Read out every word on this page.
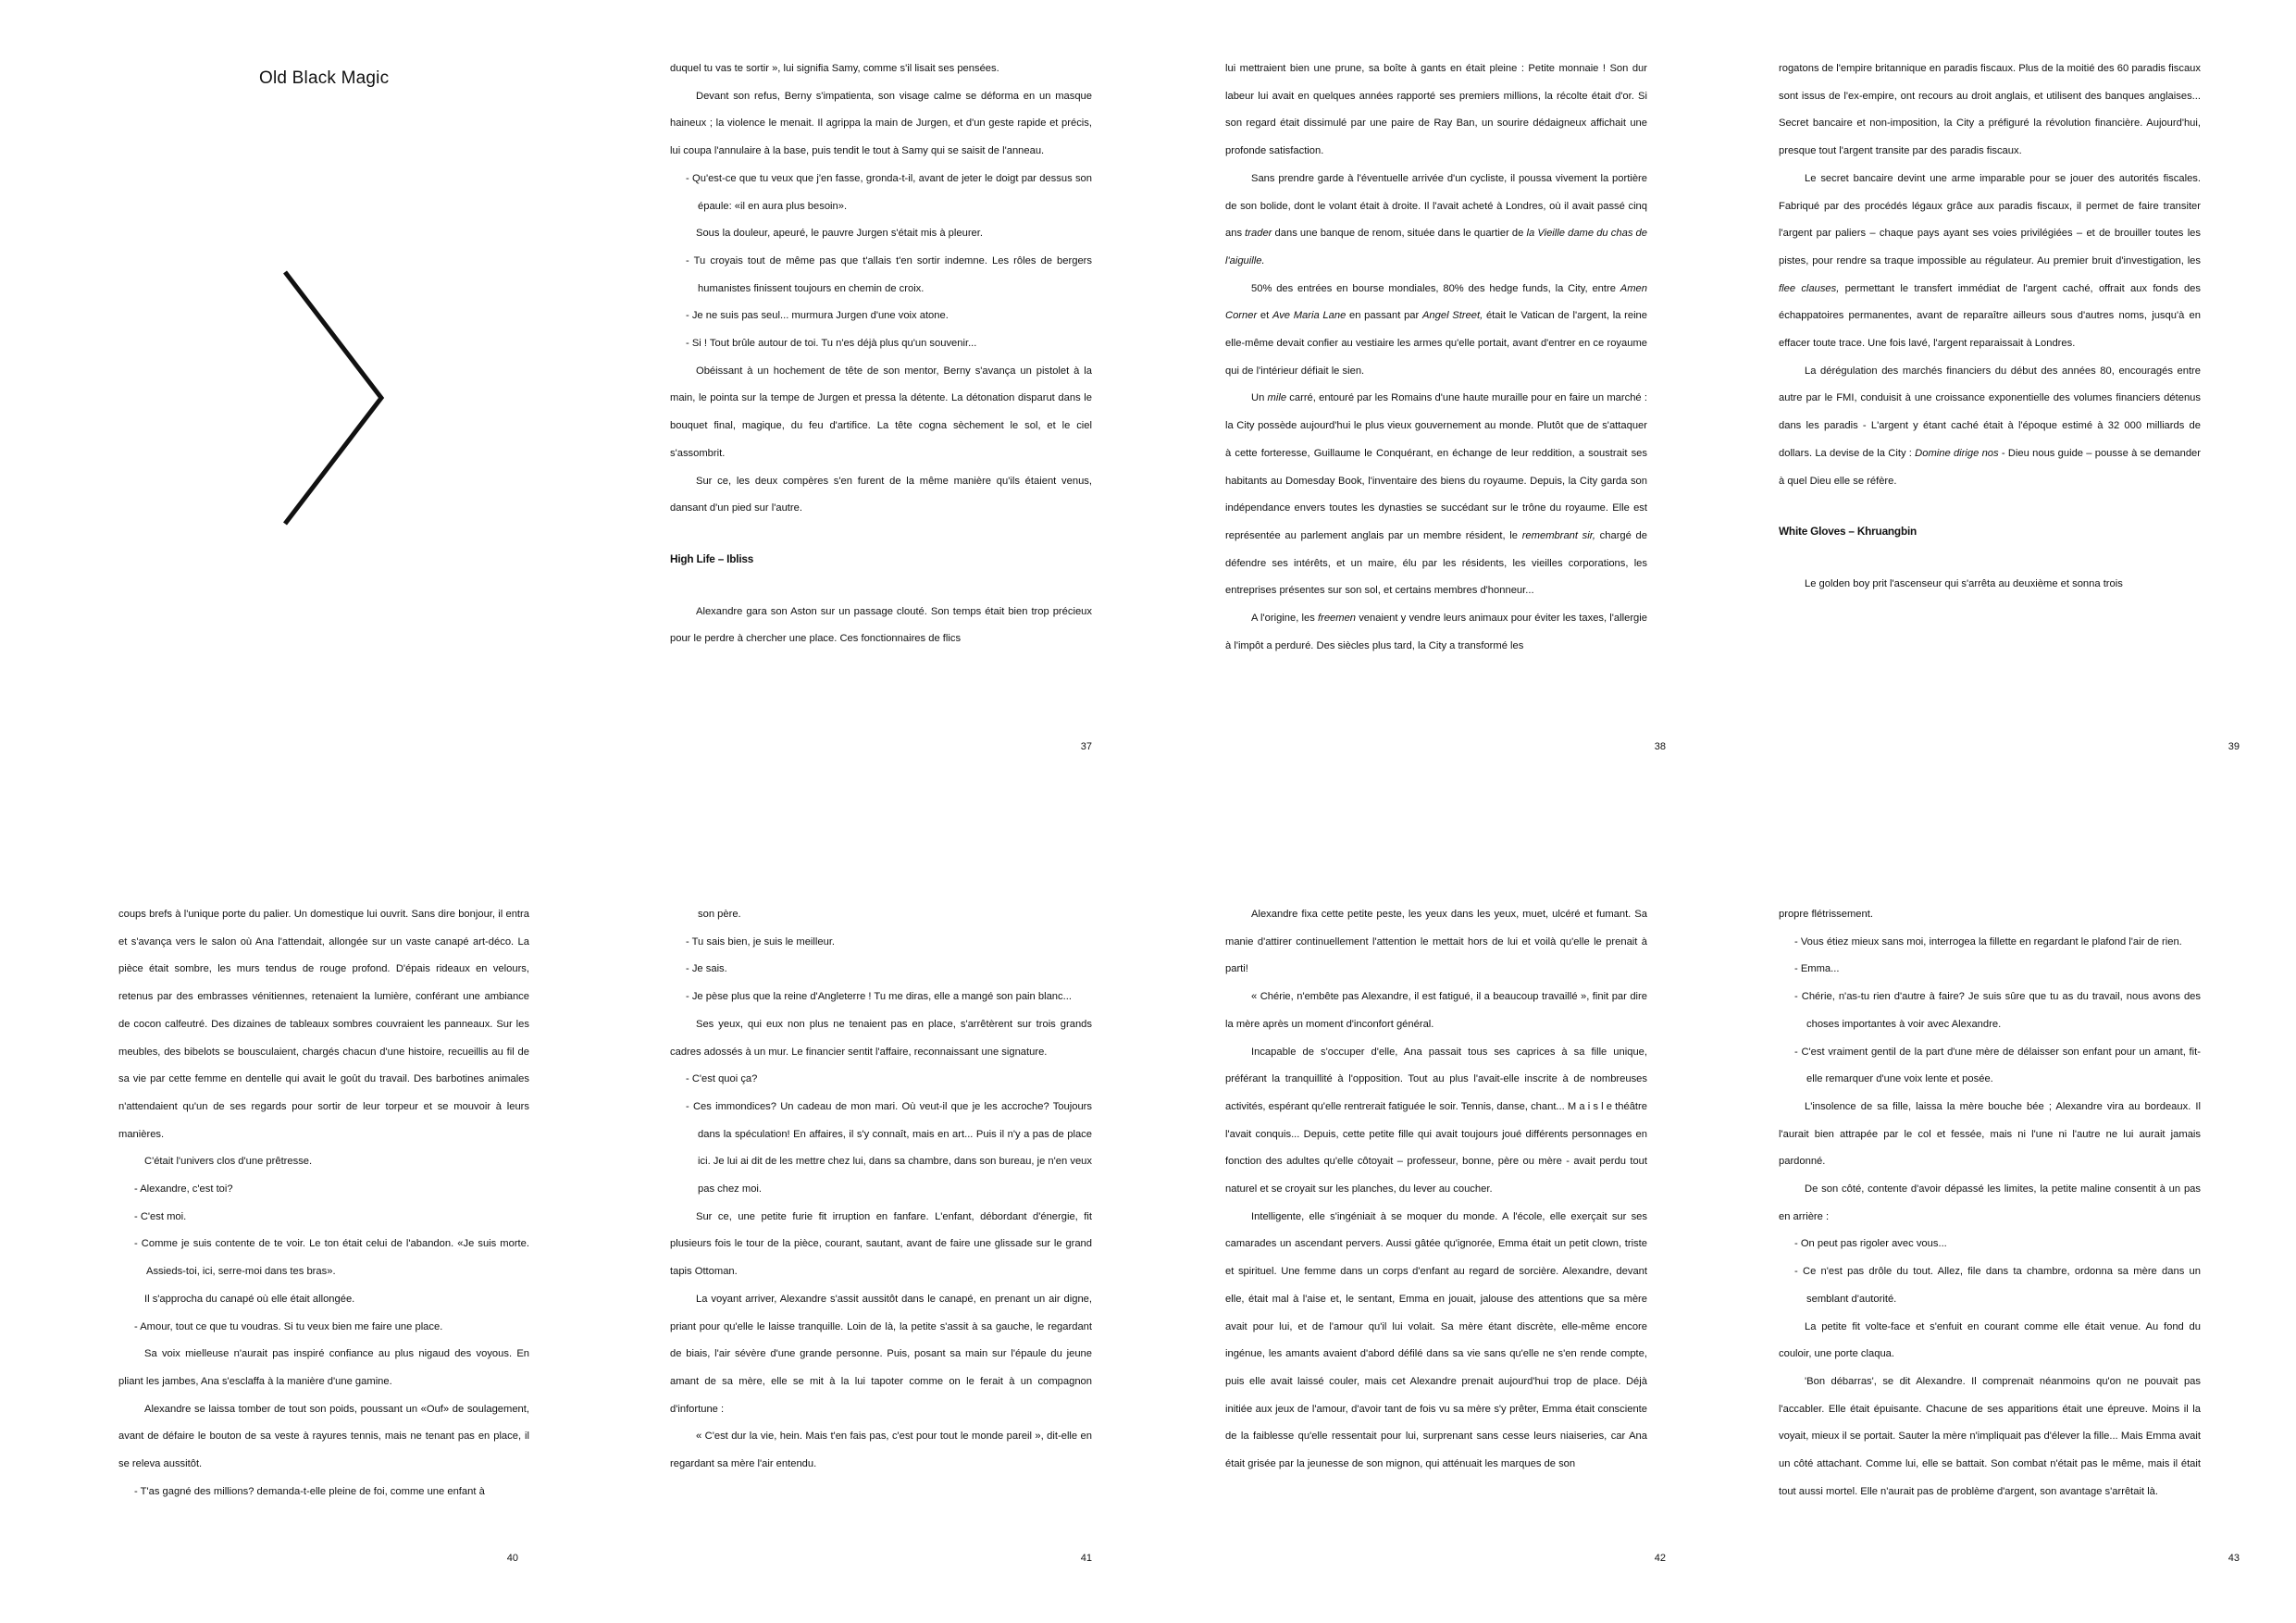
Old Black Magic	duquel tu vas te sortir », lui signifia Samy, comme s'il lisait ses pensées.

Devant son refus, Berny s'impatienta, son visage calme se déforma en un masque haineux ; la violence le menait. Il agrippa la main de Jurgen, et d'un geste rapide et précis, lui coupa l'annulaire à la base, puis tendit le tout à Samy qui se saisit de l'anneau.

- Qu'est-ce que tu veux que j'en fasse, gronda-t-il, avant de jeter le doigt par dessus son épaule: «il en aura plus besoin».

Sous la douleur, apeuré, le pauvre Jurgen s'était mis à pleurer.

- Tu croyais tout de même pas que t'allais t'en sortir indemne. Les rôles de bergers humanistes finissent toujours en chemin de croix.

- Je ne suis pas seul... murmura Jurgen d'une voix atone.

- Si ! Tout brûle autour de toi. Tu n'es déjà plus qu'un souvenir...

Obéissant à un hochement de tête de son mentor, Berny s'avança un pistolet à la main, le pointa sur la tempe de Jurgen et pressa la détente. La détonation disparut dans le bouquet final, magique, du feu d'artifice. La tête cogna sèchement le sol, et le ciel s'assombrit.

Sur ce, les deux compères s'en furent de la même manière qu'ils étaient venus, dansant d'un pied sur l'autre.

High Life – Ibliss

Alexandre gara son Aston sur un passage clouté. Son temps était bien trop précieux pour le perdre à chercher une place. Ces fonctionnaires de flics

37

lui mettraient bien une prune, sa boîte à gants en était pleine : Petite monnaie ! Son dur labeur lui avait en quelques années rapporté ses premiers millions, la récolte était d'or. Si son regard était dissimulé par une paire de Ray Ban, un sourire dédaigneux affichait une profonde satisfaction.

Sans prendre garde à l'éventuelle arrivée d'un cycliste, il poussa vivement la portière de son bolide, dont le volant était à droite. Il l'avait acheté à Londres, où il avait passé cinq ans trader dans une banque de renom, située dans le quartier de la Vieille dame du chas de l'aiguille.

50% des entrées en bourse mondiales, 80% des hedge funds, la City, entre Amen Corner et Ave Maria Lane en passant par Angel Street, était le Vatican de l'argent, la reine elle-même devait confier au vestiaire les armes qu'elle portait, avant d'entrer en ce royaume qui de l'intérieur défiait le sien.

Un mile carré, entouré par les Romains d'une haute muraille pour en faire un marché : la City possède aujourd'hui le plus vieux gouvernement au monde. Plutôt que de s'attaquer à cette forteresse, Guillaume le Conquérant, en échange de leur reddition, a soustrait ses habitants au Domesday Book, l'inventaire des biens du royaume. Depuis, la City garda son indépendance envers toutes les dynasties se succédant sur le trône du royaume. Elle est représentée au parlement anglais par un membre résident, le remembrant sir, chargé de défendre ses intérêts, et un maire, élu par les résidents, les vieilles corporations, les entreprises présentes sur son sol, et certains membres d'honneur...

A l'origine, les freemen venaient y vendre leurs animaux pour éviter les taxes, l'allergie à l'impôt a perduré. Des siècles plus tard, la City a transformé les

38

rogatons de l'empire britannique en paradis fiscaux. Plus de la moitié des 60 paradis fiscaux sont issus de l'ex-empire, ont recours au droit anglais, et utilisent des banques anglaises... Secret bancaire et non-imposition, la City a préfiguré la révolution financière. Aujourd'hui, presque tout l'argent transite par des paradis fiscaux.

Le secret bancaire devint une arme imparable pour se jouer des autorités fiscales. Fabriqué par des procédés légaux grâce aux paradis fiscaux, il permet de faire transiter l'argent par paliers – chaque pays ayant ses voies privilégiées – et de brouiller toutes les pistes, pour rendre sa traque impossible au régulateur. Au premier bruit d'investigation, les flee clauses, permettant le transfert immédiat de l'argent caché, offrait aux fonds des échappatoires permanentes, avant de reparaître ailleurs sous d'autres noms, jusqu'à en effacer toute trace. Une fois lavé, l'argent reparaissait à Londres.

La dérégulation des marchés financiers du début des années 80, encouragés entre autre par le FMI, conduisit à une croissance exponentielle des volumes financiers détenus dans les paradis - L'argent y étant caché était à l'époque estimé à 32 000 milliards de dollars. La devise de la City : Domine dirige nos - Dieu nous guide – pousse à se demander à quel Dieu elle se réfère.

White Gloves – Khruangbin

Le golden boy prit l'ascenseur qui s'arrêta au deuxième et sonna trois

39

coups brefs à l'unique porte du palier. Un domestique lui ouvrit. Sans dire bonjour, il entra et s'avança vers le salon où Ana l'attendait, allongée sur un vaste canapé art-déco. La pièce était sombre, les murs tendus de rouge profond. D'épais rideaux en velours, retenus par des embrasses vénitiennes, retenaient la lumière, conférant une ambiance de cocon calfeutré. Des dizaines de tableaux sombres couvraient les panneaux. Sur les meubles, des bibelots se bousculaient, chargés chacun d'une histoire, recueillis au fil de sa vie par cette femme en dentelle qui avait le goût du travail. Des barbotines animales n'attendaient qu'un de ses regards pour sortir de leur torpeur et se mouvoir à leurs manières.

C'était l'univers clos d'une prêtresse.

- Alexandre, c'est toi?

- C'est moi.

- Comme je suis contente de te voir. Le ton était celui de l'abandon. «Je suis morte. Assieds-toi, ici, serre-moi dans tes bras».

Il s'approcha du canapé où elle était allongée.

- Amour, tout ce que tu voudras. Si tu veux bien me faire une place.

Sa voix mielleuse n'aurait pas inspiré confiance au plus nigaud des voyous. En pliant les jambes, Ana s'esclaffa à la manière d'une gamine.

Alexandre se laissa tomber de tout son poids, poussant un «Ouf» de soulagement, avant de défaire le bouton de sa veste à rayures tennis, mais ne tenant pas en place, il se releva aussitôt.

- T'as gagné des millions? demanda-t-elle pleine de foi, comme une enfant à

40

son père.

- Tu sais bien, je suis le meilleur.

- Je sais.

- Je pèse plus que la reine d'Angleterre ! Tu me diras, elle a mangé son pain blanc...

Ses yeux, qui eux non plus ne tenaient pas en place, s'arrêtèrent sur trois grands cadres adossés à un mur. Le financier sentit l'affaire, reconnaissant une signature.

- C'est quoi ça?

- Ces immondices? Un cadeau de mon mari. Où veut-il que je les accroche? Toujours dans la spéculation! En affaires, il s'y connaît, mais en art... Puis il n'y a pas de place ici. Je lui ai dit de les mettre chez lui, dans sa chambre, dans son bureau, je n'en veux pas chez moi.

Sur ce, une petite furie fit irruption en fanfare. L'enfant, débordant d'énergie, fit plusieurs fois le tour de la pièce, courant, sautant, avant de faire une glissade sur le grand tapis Ottoman.

La voyant arriver, Alexandre s'assit aussitôt dans le canapé, en prenant un air digne, priant pour qu'elle le laisse tranquille. Loin de là, la petite s'assit à sa gauche, le regardant de biais, l'air sévère d'une grande personne. Puis, posant sa main sur l'épaule du jeune amant de sa mère, elle se mit à la lui tapoter comme on le ferait à un compagnon d'infortune :

« C'est dur la vie, hein. Mais t'en fais pas, c'est pour tout le monde pareil », dit-elle en regardant sa mère l'air entendu.

41

Alexandre fixa cette petite peste, les yeux dans les yeux, muet, ulcéré et fumant. Sa manie d'attirer continuellement l'attention le mettait hors de lui et voilà qu'elle le prenait à parti!

« Chérie, n'embête pas Alexandre, il est fatigué, il a beaucoup travaillé », finit par dire la mère après un moment d'inconfort général.

Incapable de s'occuper d'elle, Ana passait tous ses caprices à sa fille unique, préférant la tranquillité à l'opposition. Tout au plus l'avait-elle inscrite à de nombreuses activités, espérant qu'elle rentrerait fatiguée le soir. Tennis, danse, chant... M a i s l e théâtre l'avait conquis... Depuis, cette petite fille qui avait toujours joué différents personnages en fonction des adultes qu'elle côtoyait – professeur, bonne, père ou mère - avait perdu tout naturel et se croyait sur les planches, du lever au coucher.

Intelligente, elle s'ingéniait à se moquer du monde. A l'école, elle exerçait sur ses camarades un ascendant pervers. Aussi gâtée qu'ignorée, Emma était un petit clown, triste et spirituel. Une femme dans un corps d'enfant au regard de sorcière. Alexandre, devant elle, était mal à l'aise et, le sentant, Emma en jouait, jalouse des attentions que sa mère avait pour lui, et de l'amour qu'il lui volait. Sa mère étant discrète, elle-même encore ingénue, les amants avaient d'abord défilé dans sa vie sans qu'elle ne s'en rende compte, puis elle avait laissé couler, mais cet Alexandre prenait aujourd'hui trop de place. Déjà initiée aux jeux de l'amour, d'avoir tant de fois vu sa mère s'y prêter, Emma était consciente de la faiblesse qu'elle ressentait pour lui, surprenant sans cesse leurs niaiseries, car Ana était grisée par la jeunesse de son mignon, qui atténuait les marques de son

42

propre flétrissement.

- Vous étiez mieux sans moi, interrogea la fillette en regardant le plafond l'air de rien.

- Emma...

- Chérie, n'as-tu rien d'autre à faire? Je suis sûre que tu as du travail, nous avons des choses importantes à voir avec Alexandre.

- C'est vraiment gentil de la part d'une mère de délaisser son enfant pour un amant, fit-elle remarquer d'une voix lente et posée.

L'insolence de sa fille, laissa la mère bouche bée ; Alexandre vira au bordeaux. Il l'aurait bien attrapée par le col et fessée, mais ni l'une ni l'autre ne lui aurait jamais pardonné.

De son côté, contente d'avoir dépassé les limites, la petite maline consentit à un pas en arrière :

- On peut pas rigoler avec vous...

- Ce n'est pas drôle du tout. Allez, file dans ta chambre, ordonna sa mère dans un semblant d'autorité.

La petite fit volte-face et s'enfuit en courant comme elle était venue. Au fond du couloir, une porte claqua.

'Bon débarras', se dit Alexandre. Il comprenait néanmoins qu'on ne pouvait pas l'accabler. Elle était épuisante. Chacune de ses apparitions était une épreuve. Moins il la voyait, mieux il se portait. Sauter la mère n'impliquait pas d'élever la fille... Mais Emma avait un côté attachant. Comme lui, elle se battait. Son combat n'était pas le même, mais il était tout aussi mortel. Elle n'aurait pas de problème d'argent, son avantage s'arrêtait là.

43
